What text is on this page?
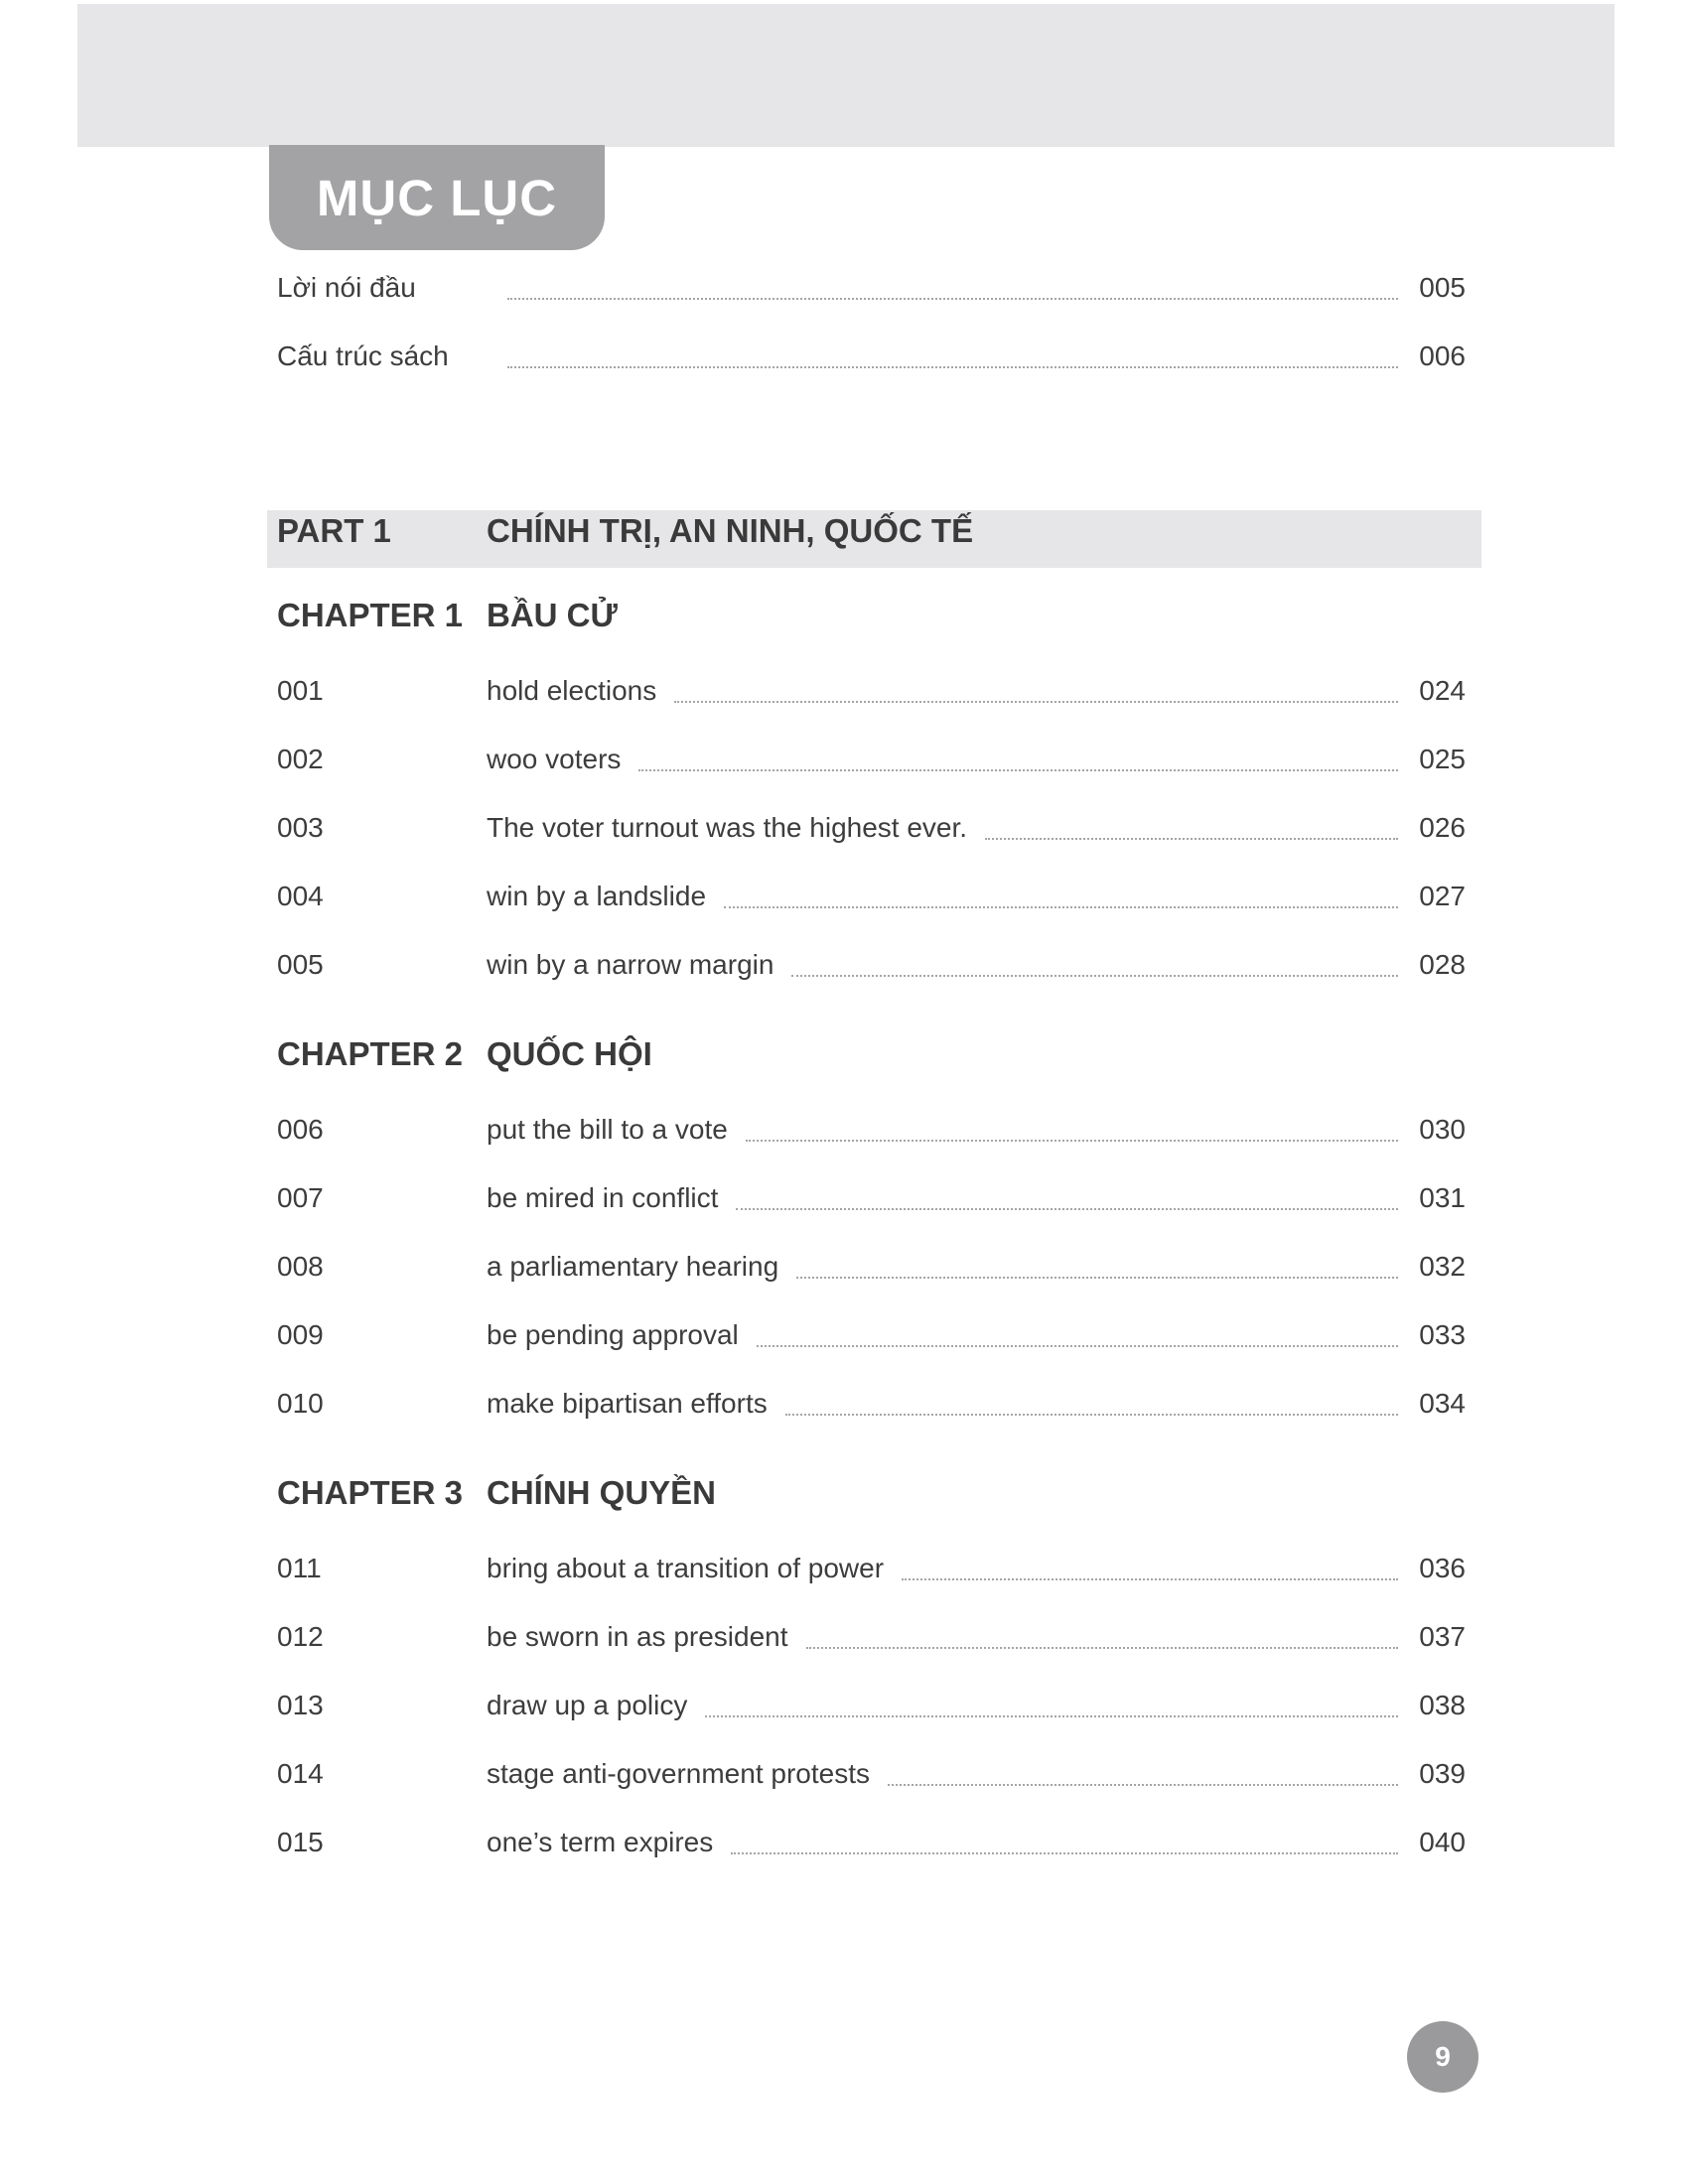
MỤC LỤC
Lời nói đầu	005
Cấu trúc sách	006
PART 1	CHÍNH TRỊ, AN NINH, QUỐC TẾ
CHAPTER 1 BẦU CỬ
001	hold elections	024
002	woo voters	025
003	The voter turnout was the highest ever.	026
004	win by a landslide	027
005	win by a narrow margin	028
CHAPTER 2 QUỐC HỘI
006	put the bill to a vote	030
007	be mired in conflict	031
008	a parliamentary hearing	032
009	be pending approval	033
010	make bipartisan efforts	034
CHAPTER 3 CHÍNH QUYỀN
011	bring about a transition of power	036
012	be sworn in as president	037
013	draw up a policy	038
014	stage anti-government protests	039
015	one’s term expires	040
9
